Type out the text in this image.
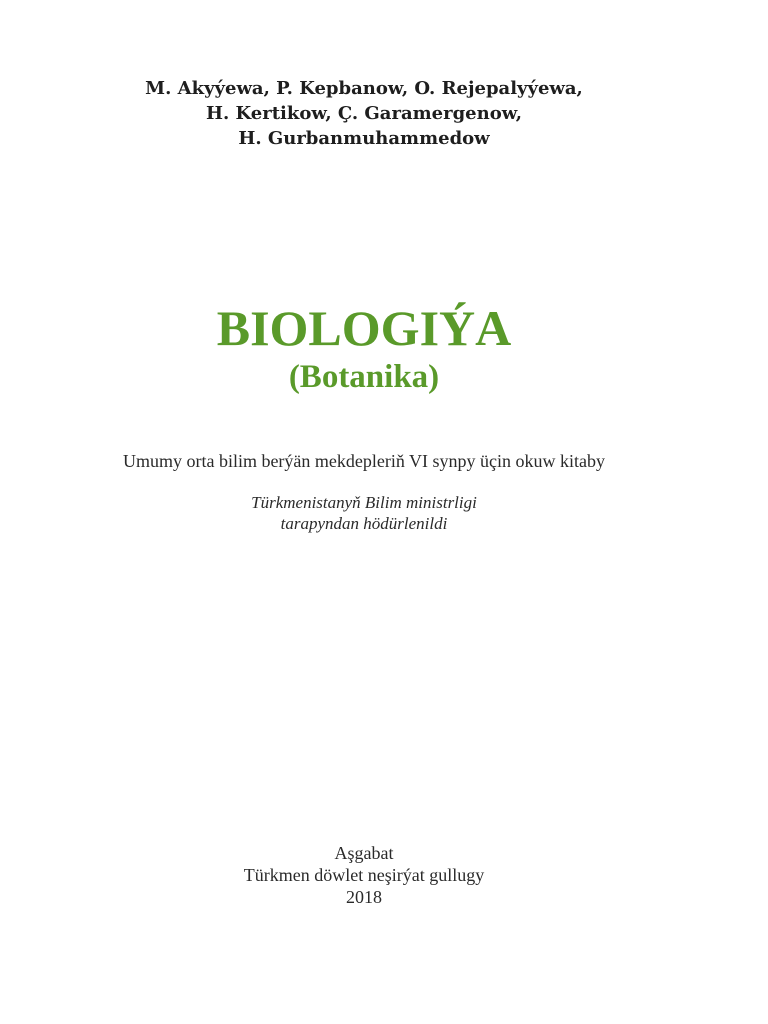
M. Akyýewa, P. Kepbanow, O. Rejepalyýewa,
H. Kertikow, Ç. Garamergenow,
H. Gurbanmuhammedow
BIOLOGIÝA
(Botanika)
Umumy orta bilim berýän mekdepleriň VI synpy üçin okuw kitaby
Türkmenistanyň Bilim ministrligi
tarapyndan hödürlenildi
Aşgabat
Türkmen döwlet neşirýat gullugy
2018
